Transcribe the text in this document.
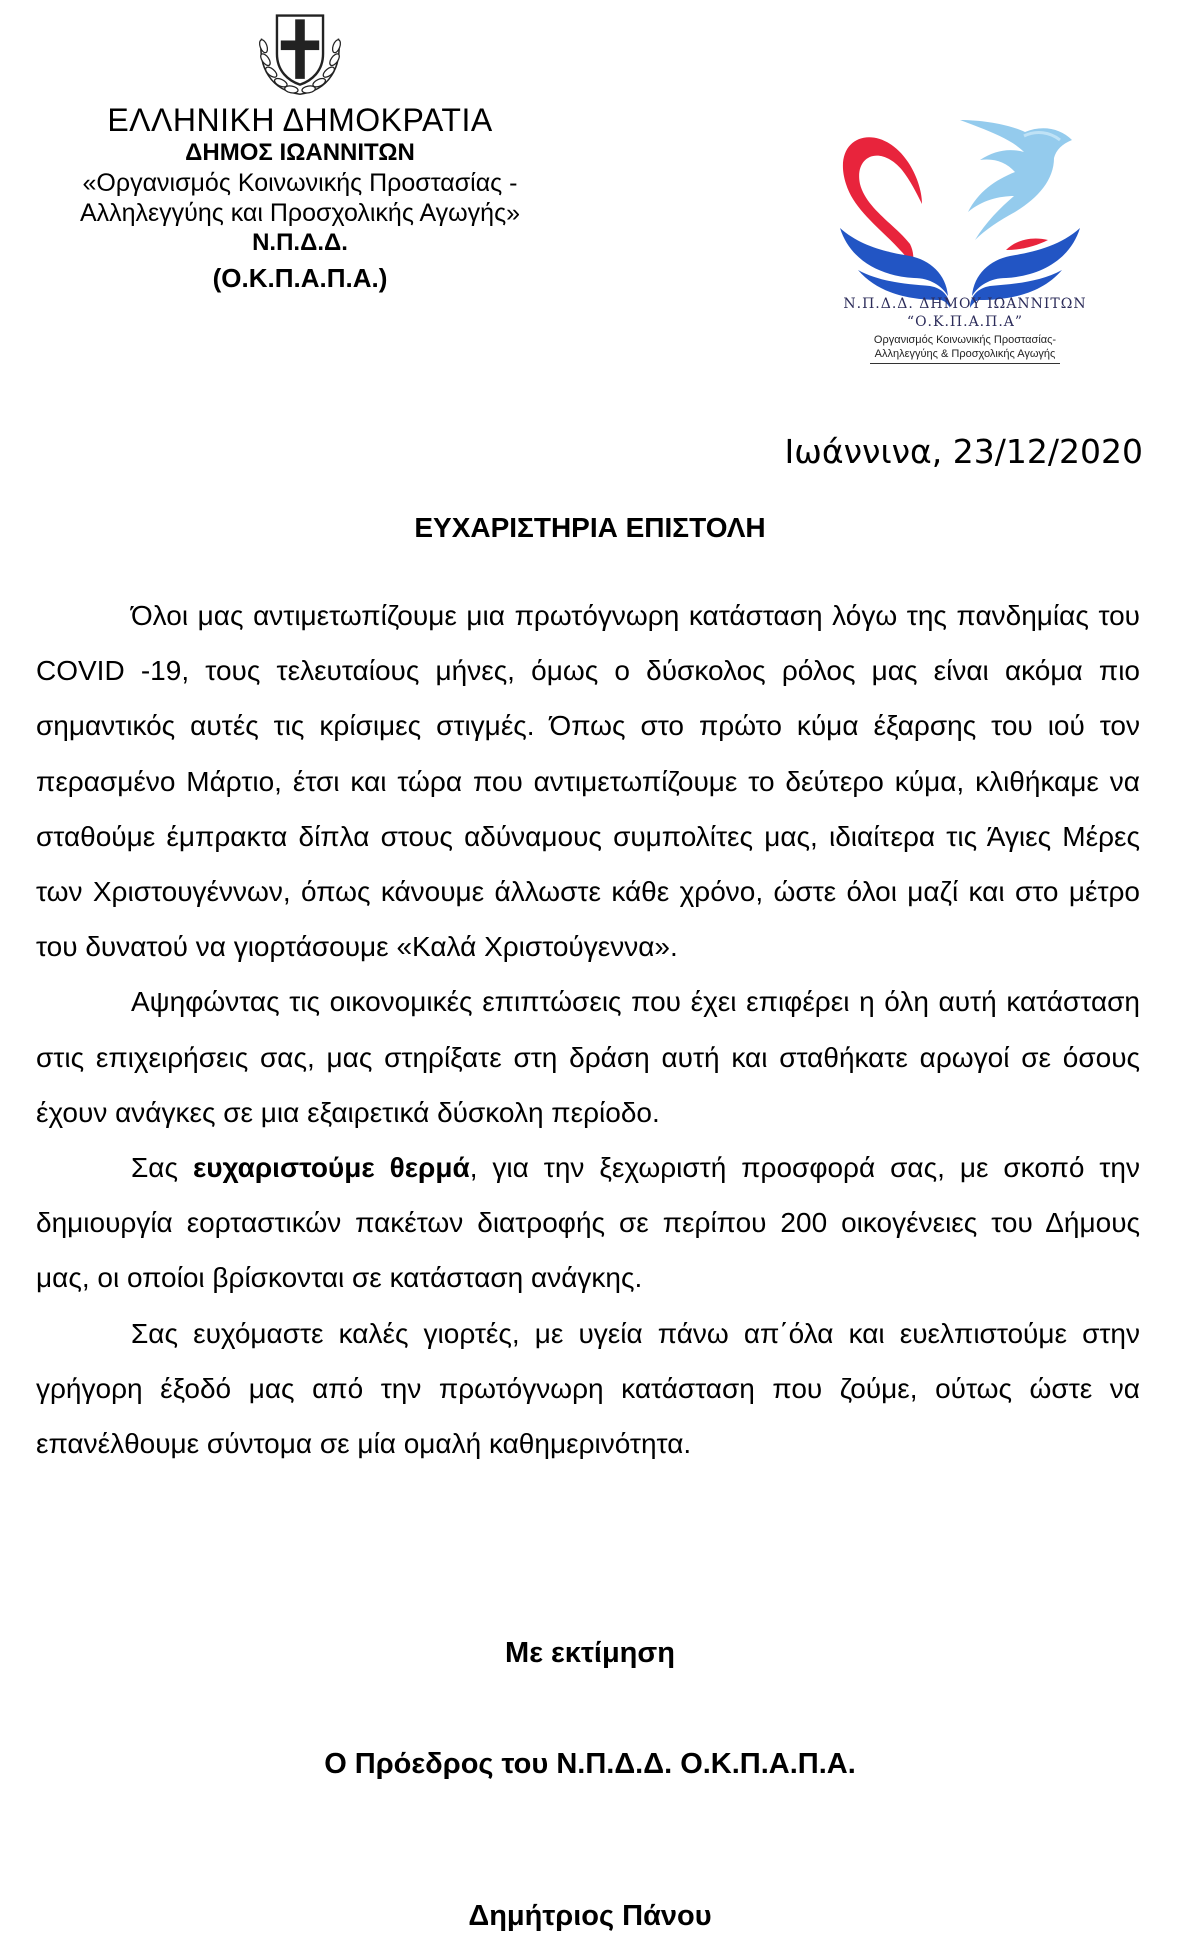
ΕΛΛΗΝΙΚΗ ΔΗΜΟΚΡΑΤΙΑ
ΔΗΜΟΣ ΙΩΑΝΝΙΤΩΝ
«Οργανισμός Κοινωνικής Προστασίας -
Αλληλεγγύης και Προσχολικής Αγωγής»
Ν.Π.Δ.Δ.
(Ο.Κ.Π.Α.Π.Α.)
Ν.Π.Δ.Δ. ΔΗΜΟΥ ΙΩΑΝΝΙΤΩΝ
“Ο.Κ.Π.Α.Π.Α”
Οργανισμός Κοινωνικής Προστασίας-
Αλληλεγγύης & Προσχολικής Αγωγής
Ιωάννινα, 23/12/2020
ΕΥΧΑΡΙΣΤΗΡΙΑ ΕΠΙΣΤΟΛΗ

Όλοι μας αντιμετωπίζουμε μια πρωτόγνωρη κατάσταση λόγω της πανδημίας του COVID -19, τους τελευταίους μήνες, όμως ο δύσκολος ρόλος μας είναι ακόμα πιο σημαντικός αυτές τις κρίσιμες στιγμές. Όπως στο πρώτο κύμα έξαρσης του ιού τον περασμένο Μάρτιο, έτσι και τώρα που αντιμετωπίζουμε το δεύτερο κύμα, κλιθήκαμε να σταθούμε έμπρακτα δίπλα στους αδύναμους συμπολίτες μας, ιδιαίτερα τις Άγιες Μέρες των Χριστουγέννων, όπως κάνουμε άλλωστε κάθε χρόνο, ώστε όλοι μαζί και στο μέτρο του δυνατού να γιορτάσουμε «Καλά Χριστούγεννα».

Αψηφώντας τις οικονομικές επιπτώσεις που έχει επιφέρει η όλη αυτή κατάσταση στις επιχειρήσεις σας, μας στηρίξατε στη δράση αυτή και σταθήκατε αρωγοί σε όσους έχουν ανάγκες σε μια εξαιρετικά δύσκολη περίοδο.

Σας ευχαριστούμε θερμά, για την ξεχωριστή προσφορά σας, με σκοπό την δημιουργία εορταστικών πακέτων διατροφής σε περίπου 200 οικογένειες του Δήμους μας, οι οποίοι βρίσκονται σε κατάσταση ανάγκης.

Σας ευχόμαστε καλές γιορτές, με υγεία πάνω απ΄όλα και ευελπιστούμε στην γρήγορη έξοδό μας από την πρωτόγνωρη κατάσταση που ζούμε, ούτως ώστε να επανέλθουμε σύντομα σε μία ομαλή καθημερινότητα.

Με εκτίμηση
Ο Πρόεδρος του Ν.Π.Δ.Δ. Ο.Κ.Π.Α.Π.Α.
Δημήτριος Πάνου
